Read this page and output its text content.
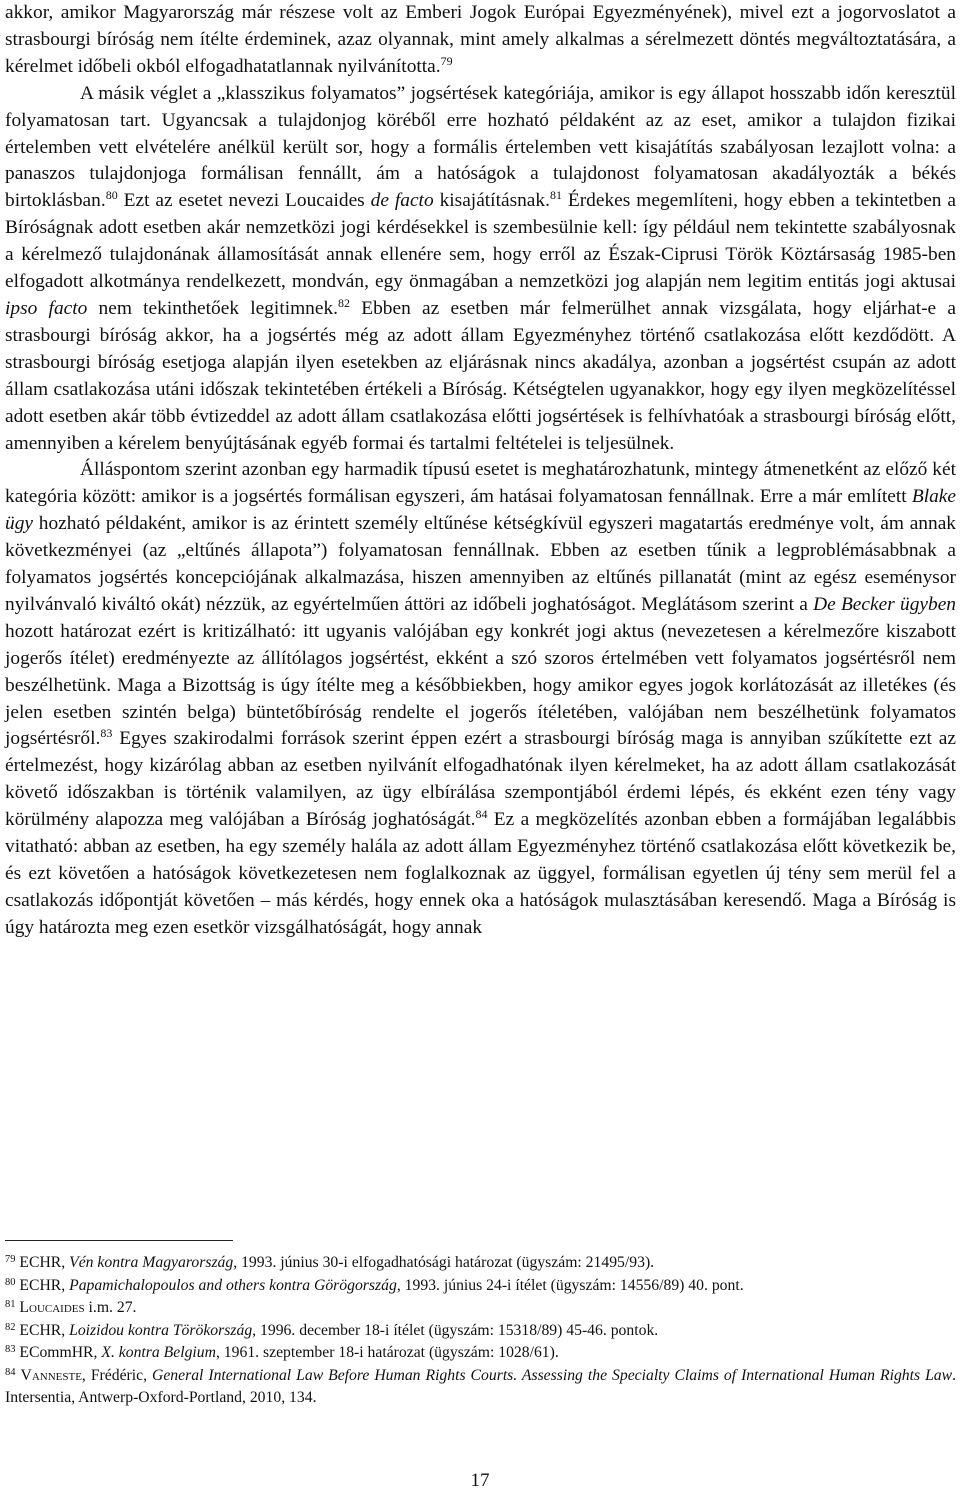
akkor, amikor Magyarország már részese volt az Emberi Jogok Európai Egyezményének), mivel ezt a jogorvoslatot a strasbourgi bíróság nem ítélte érdeminek, azaz olyannak, mint amely alkalmas a sérelmezett döntés megváltoztatására, a kérelmet időbeli okból elfogadhatatlannak nyilvánította.$^{79}$

A másik véglet a „klasszikus folyamatos” jogsértések kategóriája, amikor is egy állapot hosszabb időn keresztül folyamatosan tart. Ugyancsak a tulajdonjog köréből erre hozható példaként az az eset, amikor a tulajdon fizikai értelemben vett elvételére anélkül került sor, hogy a formális értelemben vett kisajátítás szabályosan lezajlott volna: a panaszos tulajdonjoga formálisan fennállt, ám a hatóságok a tulajdonost folyamatosan akadályozták a békés birtoklásban.$^{80}$ Ezt az esetet nevezi Loucaides de facto kisajátításnak.$^{81}$ Érdekes megemlíteni, hogy ebben a tekintetben a Bíróságnak adott esetben akár nemzetközi jogi kérdésekkel is szembesülnie kell: így például nem tekintette szabályosnak a kérelmező tulajdonának államosítását annak ellenére sem, hogy erről az Észak-Ciprusi Török Köztársaság 1985-ben elfogadott alkotmánya rendelkezett, mondván, egy önmagában a nemzetközi jog alapján nem legitim entitás jogi aktusai ipso facto nem tekinthetőek legitimnek.$^{82}$ Ebben az esetben már felmerülhet annak vizsgálata, hogy eljárhat-e a strasbourgi bíróság akkor, ha a jogsértés még az adott állam Egyezményhez történő csatlakozása előtt kezdődött. A strasbourgi bíróság esetjoga alapján ilyen esetekben az eljárásnak nincs akadálya, azonban a jogsértést csupán az adott állam csatlakozása utáni időszak tekintetében értékeli a Bíróság. Kétségtelen ugyanakkor, hogy egy ilyen megközelítéssel adott esetben akár több évtizeddel az adott állam csatlakozása előtti jogsértések is felhívhatóak a strasbourgi bíróság előtt, amennyiben a kérelem benyújtásának egyéb formai és tartalmi feltételei is teljesülnek.

Álláspontom szerint azonban egy harmadik típusú esetet is meghatározhatunk, mintegy átmenetként az előző két kategória között: amikor is a jogsértés formálisan egyszeri, ám hatásai folyamatosan fennállnak. Erre a már említett Blake ügy hozható példaként, amikor is az érintett személy eltűnése kétségkívül egyszeri magatartás eredménye volt, ám annak következményei (az „eltűnés állapota”) folyamatosan fennállnak. Ebben az esetben tűnik a legproblémásabbnak a folyamatos jogsértés koncepciójának alkalmazása, hiszen amennyiben az eltűnés pillanatát (mint az egész eseménysor nyilvánvaló kiváltó okát) nézzük, az egyértelműen áttöri az időbeli joghatóságot. Meglátásom szerint a De Becker ügyben hozott határozat ezért is kritizálható: itt ugyanis valójában egy konkrét jogi aktus (nevezetesen a kérelmezőre kiszabott jogerős ítélet) eredményezte az állítólagos jogsértést, ekként a szó szoros értelmében vett folyamatos jogsértésről nem beszélhetünk. Maga a Bizottság is úgy ítélte meg a későbbiekben, hogy amikor egyes jogok korlátozását az illetékes (és jelen esetben szintén belga) büntetőbíróság rendelte el jogerős ítéletében, valójában nem beszélhetünk folyamatos jogsértésről.$^{83}$ Egyes szakirodalmi források szerint éppen ezért a strasbourgi bíróság maga is annyiban szűkítette ezt az értelmezést, hogy kizárólag abban az esetben nyilvánít elfogadhatónak ilyen kérelmeket, ha az adott állam csatlakozását követő időszakban is történik valamilyen, az ügy elbírálása szempontjából érdemi lépés, és ekként ezen tény vagy körülmény alapozza meg valójában a Bíróság joghatóságát.$^{84}$ Ez a megközelítés azonban ebben a formájában legalábbis vitatható: abban az esetben, ha egy személy halála az adott állam Egyezményhez történő csatlakozása előtt következik be, és ezt követően a hatóságok következetesen nem foglalkoznak az üggyel, formálisan egyetlen új tény sem merül fel a csatlakozás időpontját követően – más kérdés, hogy ennek oka a hatóságok mulasztásában keresendő. Maga a Bíróság is úgy határozta meg ezen esetkör vizsgálhatóságát, hogy annak

$^{79}$ ECHR, Vén kontra Magyarország, 1993. június 30-i elfogadhatósági határozat (ügyszám: 21495/93).

$^{80}$ ECHR, Papamichalopoulos and others kontra Görögország, 1993. június 24-i ítélet (ügyszám: 14556/89) 40. pont.

$^{81}$ Loucaides i.m. 27.

$^{82}$ ECHR, Loizidou kontra Törökország, 1996. december 18-i ítélet (ügyszám: 15318/89) 45-46. pontok.

$^{83}$ ECommHR, X. kontra Belgium, 1961. szeptember 18-i határozat (ügyszám: 1028/61).

$^{84}$ Vanneste, Frédéric, General International Law Before Human Rights Courts. Assessing the Specialty Claims of International Human Rights Law. Intersentia, Antwerp-Oxford-Portland, 2010, 134.

17
